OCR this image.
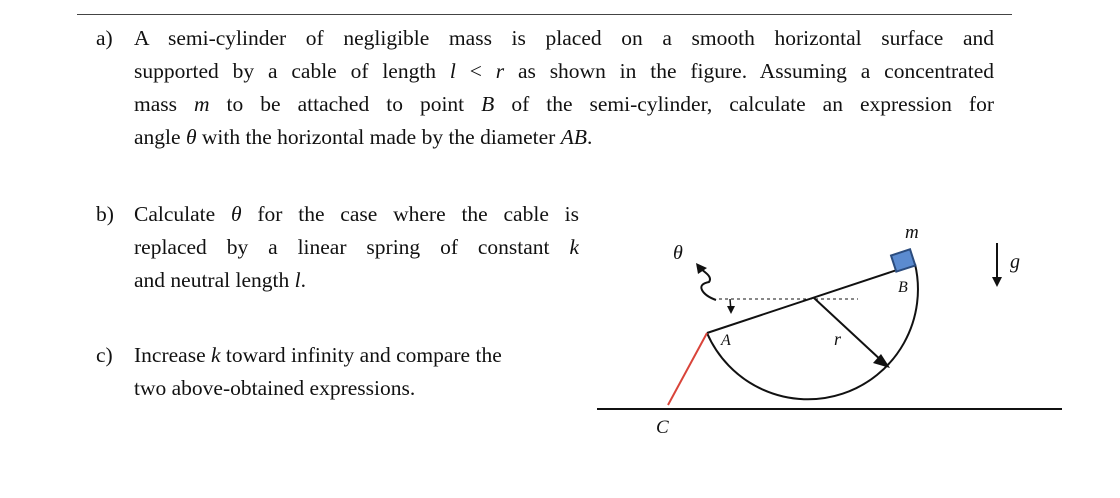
a) A semi-cylinder of negligible mass is placed on a smooth horizontal surface and
supported by a cable of length l < r as shown in the figure. Assuming a concentrated
mass m to be attached to point B of the semi-cylinder, calculate an expression for
angle θ with the horizontal made by the diameter AB.
b) Calculate θ for the case where the cable is
replaced by a linear spring of constant k
and neutral length l.
c) Increase k toward infinity and compare the
two above-obtained expressions.
θ
m
g
A
B
r
C
